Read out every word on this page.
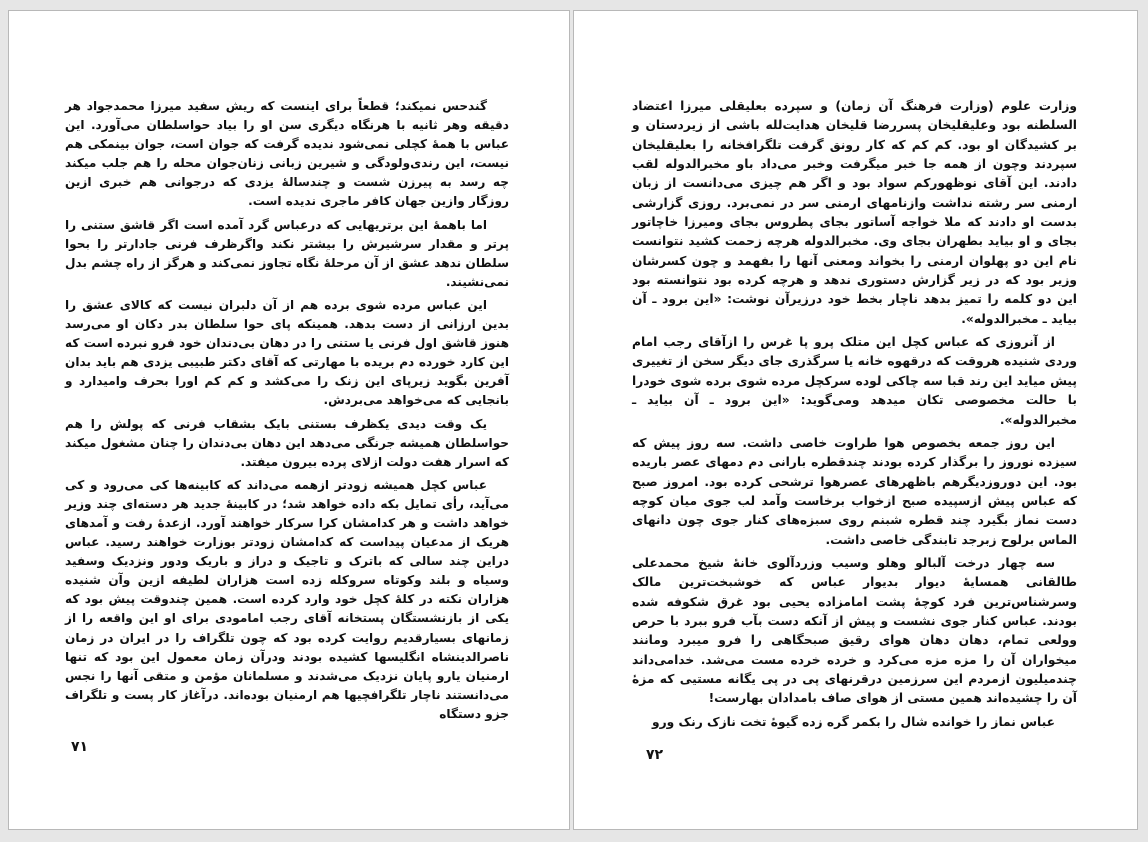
گندحس نمیکند؛ قطعاً برای اینست که ریش سفید میرزا محمدجواد هر دقیقه وهر ثانیه با هرنگاه دیگری سن او را بیاد حواسلطان می‌آورد. این عباس با همهٔ کچلی نمی‌شود ندیده گرفت که جوان است، جوان بینمکی هم نیست، این رندی‌ولودگی و شیرین زبانی زنان‌جوان محله را هم جلب میکند چه رسد به پیرزن شست و چندسالهٔ یزدی که درجوانی هم خبری ازین روزگار وازین جهان کافر ماجری ندیده است.

اما باهمهٔ این برتریهایی که درعباس گرد آمده است اگر قاشق ستنی را پرتر و مقدار سرشیرش را بیشتر نکند واگرظرف فرنی جادارتر را بحوا سلطان ندهد عشق از آن مرحلهٔ نگاه تجاوز نمی‌کند و هرگز از راه چشم بدل نمی‌نشیند.

این عباس مرده شوی برده هم از آن دلبران نیست که کالای عشق را بدین ارزانی از دست بدهد. همینکه پای حوا سلطان بدر دکان او می‌رسد هنوز قاشق اول فرنی یا ستنی را در دهان بی‌دندان خود فرو نبرده است که این کارد خورده دم بریده با مهارتی که آقای دکتر طبیبی یزدی هم باید بدان آفرین بگوید زیرپای این زنک را می‌کشد و کم کم اورا بحرف وامیدارد و بانجایی که می‌خواهد می‌بردش.

یک وقت دیدی یکظرف بستنی بایک بشقاب فرنی که پولش را هم حواسلطان همیشه جرنگی می‌دهد این دهان بی‌دندان را چنان مشغول میکند که اسرار هفت دولت ازلای پرده بیرون میفتد.

عباس کچل همیشه زودتر ازهمه می‌داند که کابینه‌ها کی می‌رود و کی می‌آید، رأی تمایل بکه داده خواهد شد؛ در کابینهٔ جدید هر دسته‌ای چند وزیر خواهد داشت و هر کدامشان کرا سرکار خواهند آورد. ازعدهٔ رفت و آمدهای هریک از مدعیان پیداست که کدامشان زودتر بوزارت خواهند رسید. عباس دراین چند سالی که باترک و تاجیک و دراز و باریک ودور ونزدیک وسفید وسیاه و بلند وکوتاه سروکله زده است هزاران لطیفه ازین وآن شنیده هزاران نکته در کلهٔ کچل خود وارد کرده است. همین چندوقت پیش بود که یکی از بازنشستگان پستخانه آقای رجب امامودی برای او این واقعه را از زمانهای بسیارقدیم روایت کرده بود که چون تلگراف را در ایران در زمان ناصرالدینشاه انگلیسها کشیده بودند ودرآن زمان معمول این بود که تنها ارمنیان یارو پایان نزدیک می‌شدند و مسلمانان مؤمن و متقی آنها را نجس می‌دانستند ناچار تلگرافچیها هم ارمنیان بوده‌اند. درآغاز کار پست و تلگراف جزو دستگاه

۷۱

وزارت علوم (وزارت فرهنگ آن زمان) و سپرده بعلیقلی میرزا اعتضاد السلطنه بود وعلیقلیخان پسررضا قلیخان هدایت‌لله باشی از زیردستان و بر کشیدگان او بود. کم کم که کار رونق گرفت تلگرافخانه را بعلیقلیخان سپردند وچون از همه جا خبر میگرفت وخبر می‌داد باو مخبرالدوله لقب دادند. این آقای نوظهورکم سواد بود و اگر هم چیزی می‌دانست از زبان ارمنی سر رشته نداشت وازنامهای ارمنی سر در نمی‌برد. روزی گزارشی بدست او دادند که ملا خواجه آساتور بجای پطروس بجای ومیرزا خاچاتور بجای و او بیاید بطهران بجای وی. مخبرالدوله هرچه زحمت کشید نتوانست نام این دو پهلوان ارمنی را بخواند ومعنی آنها را بفهمد و چون کسرشان وزیر بود که در زیر گزارش دستوری ندهد و هرچه کرده بود نتوانسته بود این دو کلمه را تمیز بدهد ناچار بخط خود درزیرآن نوشت: «این برود ـ آن بیاید ـ مخبرالدوله».

از آنروزی که عباس کچل این متلک پرو پا غرس را ازآقای رجب امام وردی شنیده هروقت که درقهوه خانه یا سرگذری جای دیگر سخن از تغییری پیش میاید این رند قبا سه چاکی لوده سرکچل مرده شوی برده شوی خودرا با حالت مخصوصی تکان میدهد ومی‌گوید: «این برود ـ آن بیاید ـ مخبرالدوله».

این روز جمعه بخصوص هوا طراوت خاصی داشت. سه روز پیش که سیزده نوروز را برگذار کرده بودند چندقطره بارانی دم دمهای عصر باریده بود. این دوروزدیگرهم باظهرهای عصرهوا ترشحی کرده بود. امروز صبح که عباس پیش ازسپیده صبح ازخواب برخاست وآمد لب جوی میان کوچه دست نماز بگیرد چند قطره شبنم روی سبزه‌های کنار جوی چون دانهای الماس برلوح زبرجد تابندگی خاصی داشت.

سه چهار درخت آلبالو وهلو وسیب وزردآلوی خانهٔ شیخ محمدعلی طالقانی همسایهٔ دیوار بدیوار عباس که خوشبخت‌ترین مالک وسرشناس‌ترین فرد کوچهٔ پشت امامزاده یحیی بود غرق شکوفه شده بودند. عباس کنار جوی نشست و پیش از آنکه دست بآب فرو ببرد با حرص وولعی تمام، دهان دهان هوای رقیق صبحگاهی را فرو میبرد ومانند میخواران آن را مزه مزه می‌کرد و خرده خرده مست می‌شد. خدامی‌داند چندمیلیون ازمردم این سرزمین درقرنهای پی در پی یگانه مستیی که مزهٔ آن را چشیده‌اند همین مستی از هوای صاف بامدادان بهارست!

عباس نماز را خوانده شال را بکمر گره زده گیوهٔ تخت نازک رنک ورو

۷۲
